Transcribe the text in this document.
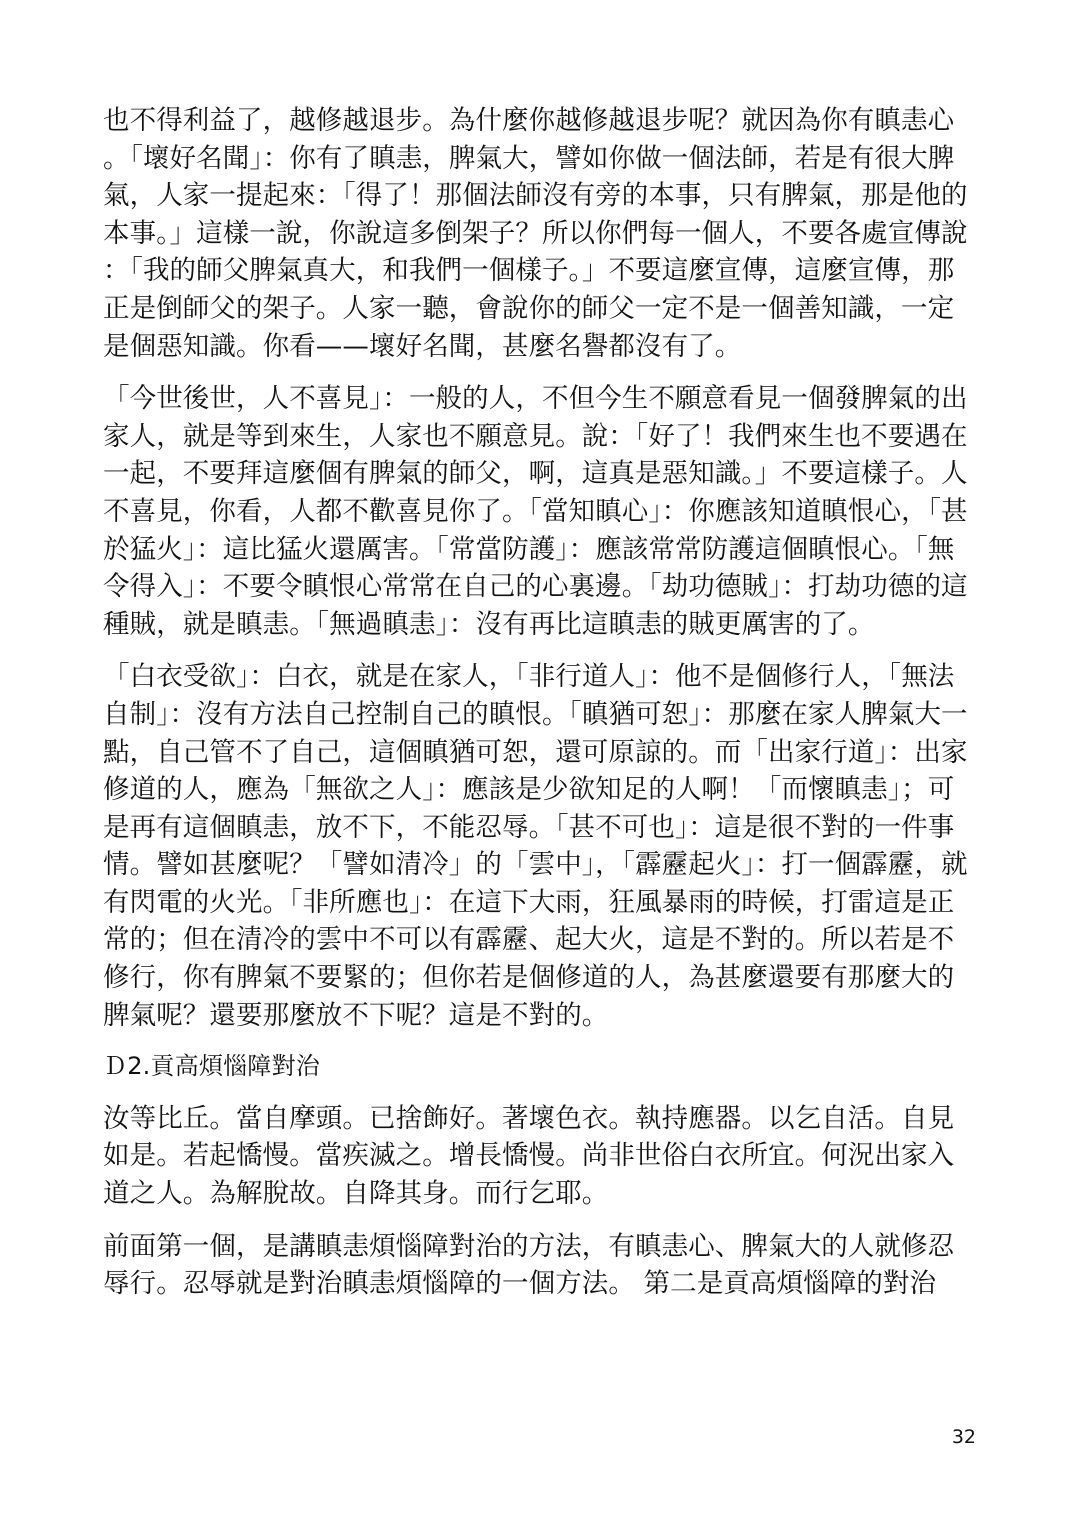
也不得利益了，越修越退步。為什麼你越修越退步呢？就因為你有瞋恚心。「壞好名聞」：你有了瞋恚，脾氣大，譬如你做一個法師，若是有很大脾氣，人家一提起來：「得了！那個法師沒有旁的本事，只有脾氣，那是他的本事。」這樣一說，你說這多倒架子？所以你們每一個人，不要各處宣傳說：「我的師父脾氣真大，和我們一個樣子。」不要這麼宣傳，這麼宣傳，那正是倒師父的架子。人家一聽，會說你的師父一定不是一個善知識，一定是個惡知識。你看——壞好名聞，甚麼名譽都沒有了。

「今世後世，人不喜見」：一般的人，不但今生不願意看見一個發脾氣的出家人，就是等到來生，人家也不願意見。說：「好了！我們來生也不要遇在一起，不要拜這麼個有脾氣的師父，啊，這真是惡知識。」不要這樣子。人不喜見，你看，人都不歡喜見你了。「當知瞋心」：你應該知道瞋恨心，「甚於猛火」：這比猛火還厲害。「常當防護」：應該常常防護這個瞋恨心。「無令得入」：不要令瞋恨心常常在自己的心裏邊。「劫功德賊」：打劫功德的這種賊，就是瞋恚。「無過瞋恚」：沒有再比這瞋恚的賊更厲害的了。

「白衣受欲」：白衣，就是在家人，「非行道人」：他不是個修行人，「無法自制」：沒有方法自己控制自己的瞋恨。「瞋猶可恕」：那麼在家人脾氣大一點，自己管不了自己，這個瞋猶可恕，還可原諒的。而「出家行道」：出家修道的人，應為「無欲之人」：應該是少欲知足的人啊！「而懷瞋恚」；可是再有這個瞋恚，放不下，不能忍辱。「甚不可也」：這是很不對的一件事情。譬如甚麼呢？「譬如清冷」的「雲中」，「霹靂起火」：打一個霹靂，就有閃電的火光。「非所應也」：在這下大雨，狂風暴雨的時候，打雷這是正常的；但在清冷的雲中不可以有霹靂、起大火，這是不對的。所以若是不修行，你有脾氣不要緊的；但你若是個修道的人，為甚麼還要有那麼大的脾氣呢？還要那麼放不下呢？這是不對的。

Ｄ2.貢高煩惱障對治

汝等比丘。當自摩頭。已捨飾好。著壞色衣。執持應器。以乞自活。自見如是。若起憍慢。當疾滅之。增長憍慢。尚非世俗白衣所宜。何況出家入道之人。為解脫故。自降其身。而行乞耶。

前面第一個，是講瞋恚煩惱障對治的方法，有瞋恚心、脾氣大的人就修忍辱行。忍辱就是對治瞋恚煩惱障的一個方法。 第二是貢高煩惱障的對治

32
